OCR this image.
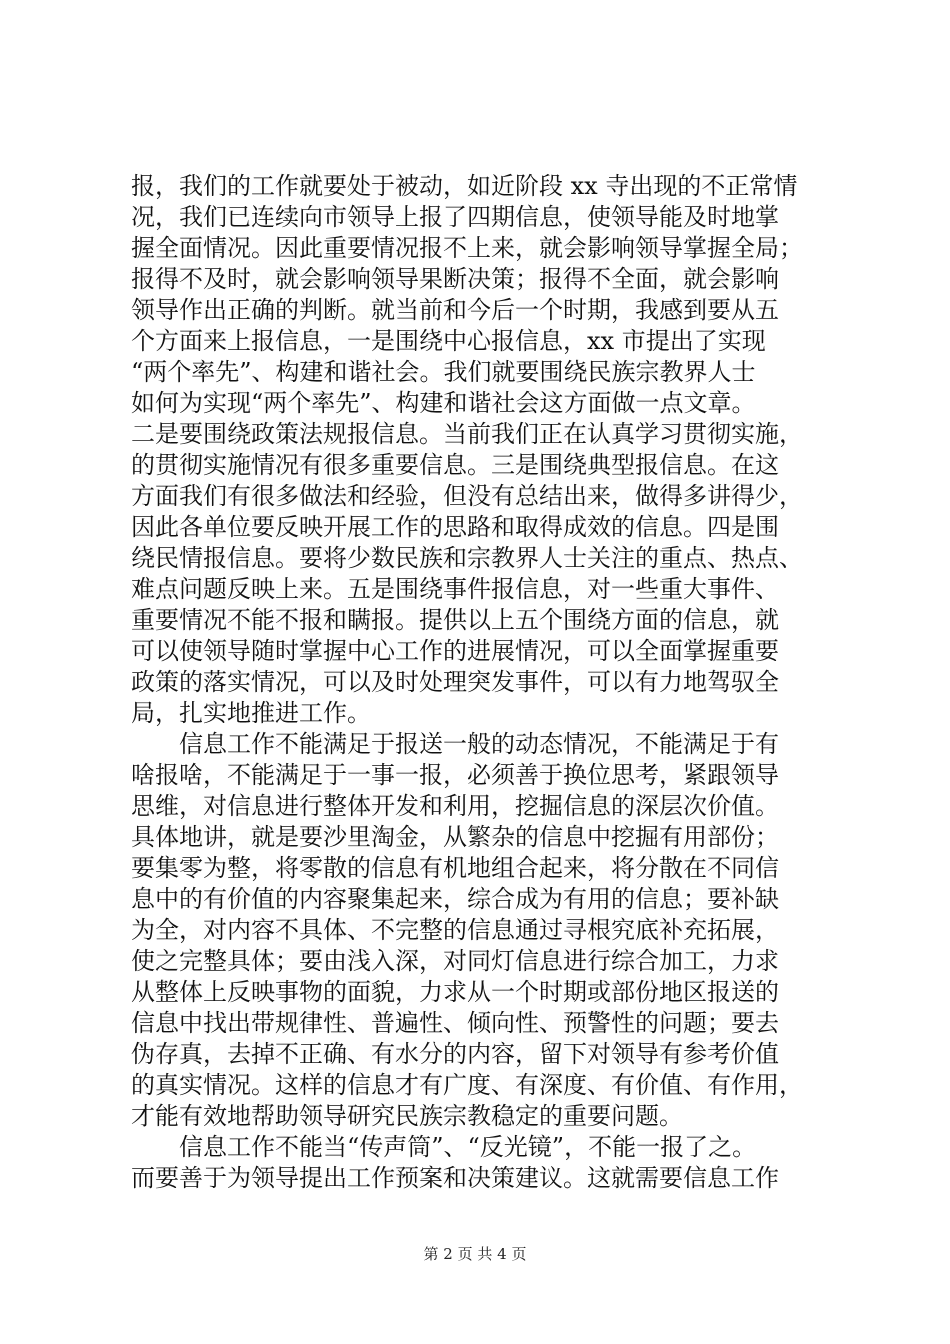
报，我们的工作就要处于被动，如近阶段 xx 寺出现的不正常情
况，我们已连续向市领导上报了四期信息，使领导能及时地掌
握全面情况。因此重要情况报不上来，就会影响领导掌握全局；
报得不及时，就会影响领导果断决策；报得不全面，就会影响
领导作出正确的判断。就当前和今后一个时期，我感到要从五
个方面来上报信息，一是围绕中心报信息，xx 市提出了实现
“两个率先”、构建和谐社会。我们就要围绕民族宗教界人士
如何为实现“两个率先”、构建和谐社会这方面做一点文章。
二是要围绕政策法规报信息。当前我们正在认真学习贯彻实施，
的贯彻实施情况有很多重要信息。三是围绕典型报信息。在这
方面我们有很多做法和经验，但没有总结出来，做得多讲得少，
因此各单位要反映开展工作的思路和取得成效的信息。四是围
绕民情报信息。要将少数民族和宗教界人士关注的重点、热点、
难点问题反映上来。五是围绕事件报信息，对一些重大事件、
重要情况不能不报和瞒报。提供以上五个围绕方面的信息，就
可以使领导随时掌握中心工作的进展情况，可以全面掌握重要
政策的落实情况，可以及时处理突发事件，可以有力地驾驭全
局，扎实地推进工作。
　　信息工作不能满足于报送一般的动态情况，不能满足于有
啥报啥，不能满足于一事一报，必须善于换位思考，紧跟领导
思维，对信息进行整体开发和利用，挖掘信息的深层次价值。
具体地讲，就是要沙里淘金，从繁杂的信息中挖掘有用部份；
要集零为整，将零散的信息有机地组合起来，将分散在不同信
息中的有价值的内容聚集起来，综合成为有用的信息；要补缺
为全，对内容不具体、不完整的信息通过寻根究底补充拓展，
使之完整具体；要由浅入深，对同灯信息进行综合加工，力求
从整体上反映事物的面貌，力求从一个时期或部份地区报送的
信息中找出带规律性、普遍性、倾向性、预警性的问题；要去
伪存真，去掉不正确、有水分的内容，留下对领导有参考价值
的真实情况。这样的信息才有广度、有深度、有价值、有作用，
才能有效地帮助领导研究民族宗教稳定的重要问题。
　　信息工作不能当“传声筒”、“反光镜”，不能一报了之。
而要善于为领导提出工作预案和决策建议。这就需要信息工作
第 2 页 共 4 页
